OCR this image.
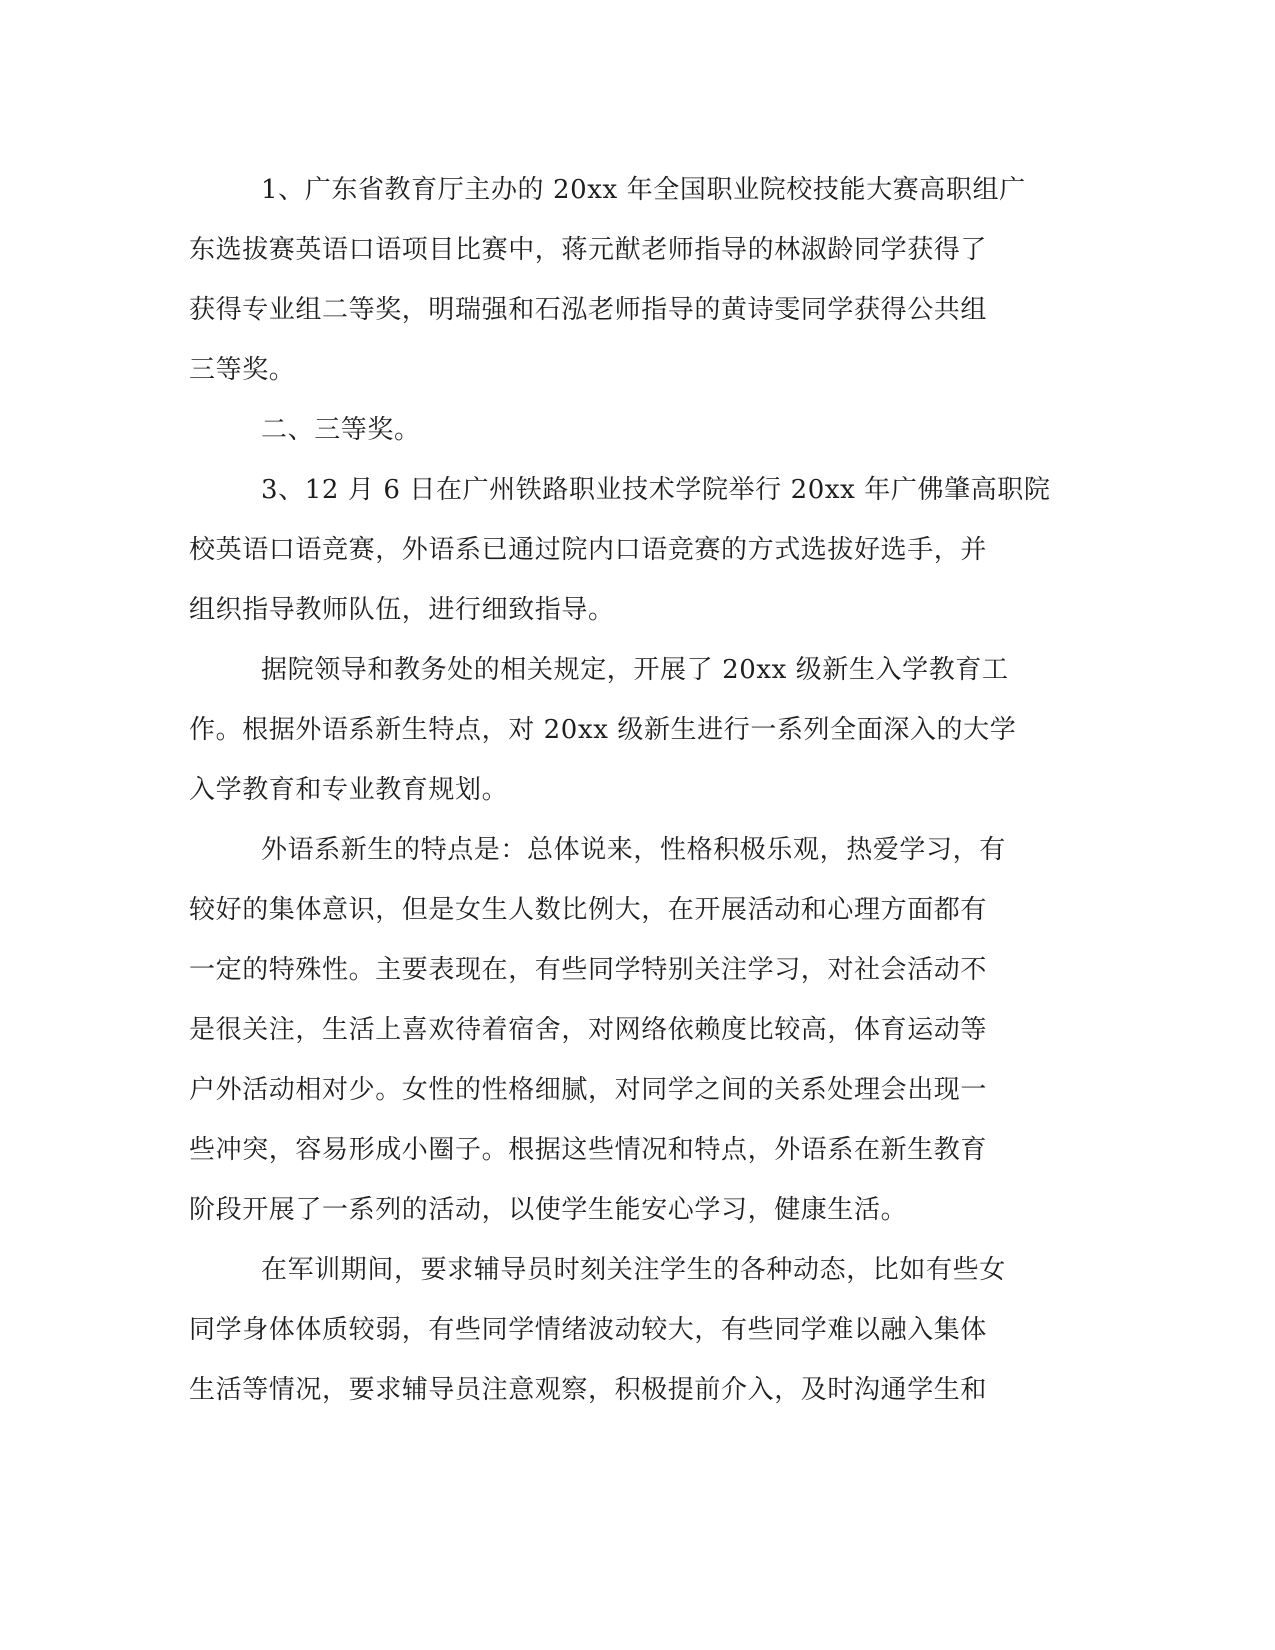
1、广东省教育厅主办的 20xx 年全国职业院校技能大赛高职组广
东选拔赛英语口语项目比赛中，蒋元猷老师指导的林淑龄同学获得了
获得专业组二等奖，明瑞强和石泓老师指导的黄诗雯同学获得公共组
三等奖。
二、三等奖。
3、12 月 6 日在广州铁路职业技术学院举行 20xx 年广佛肇高职院
校英语口语竞赛，外语系已通过院内口语竞赛的方式选拔好选手，并
组织指导教师队伍，进行细致指导。
据院领导和教务处的相关规定，开展了 20xx 级新生入学教育工
作。根据外语系新生特点，对 20xx 级新生进行一系列全面深入的大学
入学教育和专业教育规划。
外语系新生的特点是：总体说来，性格积极乐观，热爱学习，有
较好的集体意识，但是女生人数比例大，在开展活动和心理方面都有
一定的特殊性。主要表现在，有些同学特别关注学习，对社会活动不
是很关注，生活上喜欢待着宿舍，对网络依赖度比较高，体育运动等
户外活动相对少。女性的性格细腻，对同学之间的关系处理会出现一
些冲突，容易形成小圈子。根据这些情况和特点，外语系在新生教育
阶段开展了一系列的活动，以使学生能安心学习，健康生活。
在军训期间，要求辅导员时刻关注学生的各种动态，比如有些女
同学身体体质较弱，有些同学情绪波动较大，有些同学难以融入集体
生活等情况，要求辅导员注意观察，积极提前介入，及时沟通学生和
